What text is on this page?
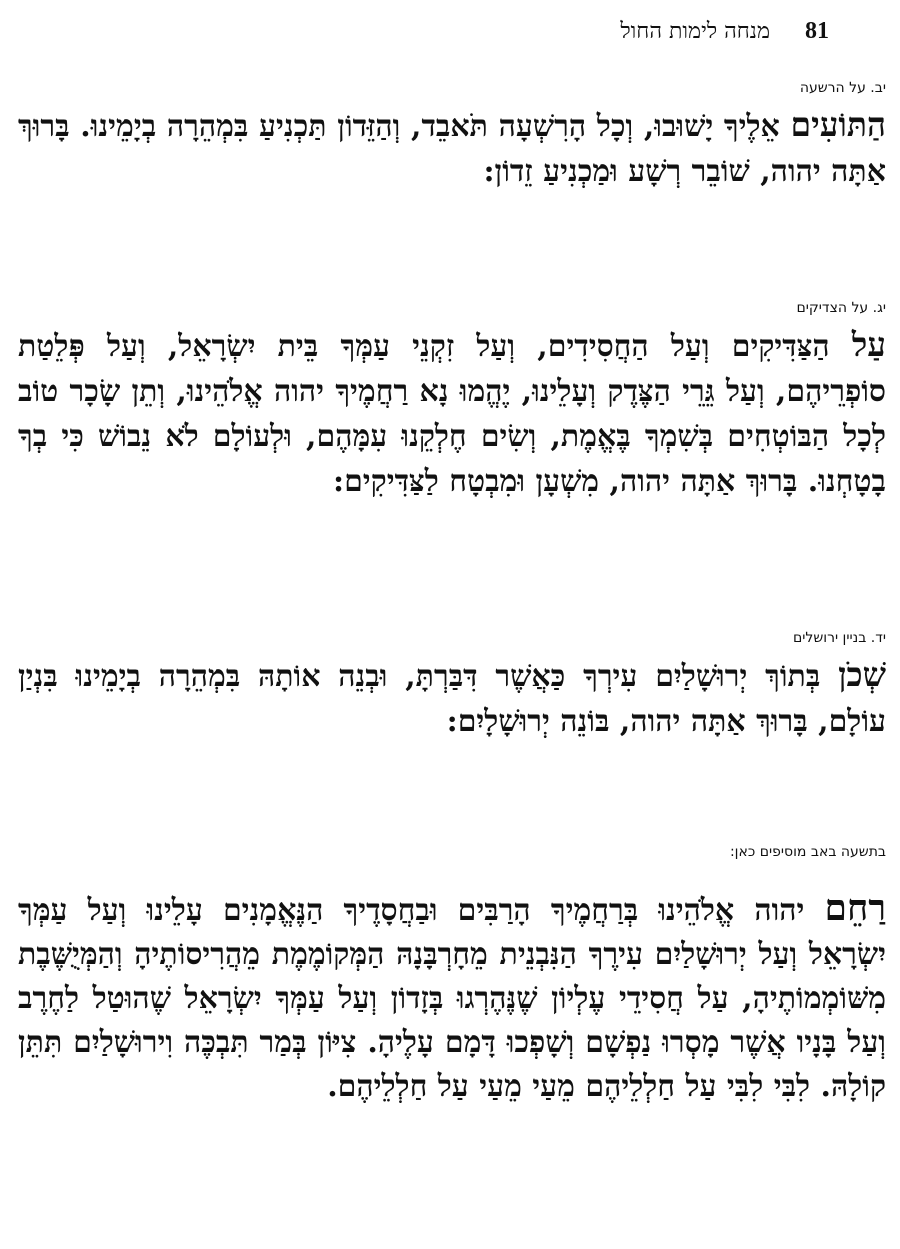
81
מנחה לימות החול
יב. על הרשעה

הַתּוֹעִים אֵלֶיךָ יָשׁוּבוּ, וְכָל הָרִשְׁעָה תֹּאבֵד, וְהַזֵּדוֹן תַּכְנִיעַ בִּמְהֵרָה בְיָמֵינוּ. בָּרוּךְ אַתָּה יהוה, שׁוֹבֵר רְשָׁע וּמַכְנִיעַ זֵדוֹן:

יג. על הצדיקים

עַל הַצַּדִּיקִים וְעַל הַחֲסִידִים, וְעַל זִקְנֵי עַמְּךָ בֵּית יִשְׂרָאֵל, וְעַל פְּלֵטַת סוֹפְרֵיהֶם, וְעַל גֵּרֵי הַצֶּדֶק וְעָלֵינוּ, יֶהֱמוּ נָא רַחֲמֶיךָ יהוה אֱלֹהֵינוּ, וְתֵן שָׂכָר טוֹב לְכָל הַבּוֹטְחִים בְּשִׁמְךָ בֶּאֱמֶת, וְשִׂים חֶלְקֵנוּ עִמָּהֶם, וּלְעוֹלָם לֹא נֵבוֹשׁ כִּי בְךָ בָטָחְנוּ. בָּרוּךְ אַתָּה יהוה, מִשְׁעָן וּמִבְטָח לַצַּדִּיקִים:

יד. בניין ירושלים

שְׁכֹן בְּתוֹךְ יְרוּשָׁלַיִם עִירְךָ כַּאֲשֶׁר דִּבַּרְתָּ, וּבְנֵה אוֹתָהּ בִּמְהֵרָה בְיָמֵינוּ בִּנְיַן עוֹלָם, בָּרוּךְ אַתָּה יהוה, בּוֹנֵה יְרוּשָׁלָיִם:

בתשעה באב מוסיפים כאן:

רַחֵם יהוה אֱלֹהֵינוּ בְּרַחֲמֶיךָ הָרַבִּים וּבַחֲסָדֶיךָ הַנֶּאֱמָנִים עָלֵינוּ וְעַל עַמְּךָ יִשְׂרָאֵל וְעַל יְרוּשָׁלַיִם עִירֶךָ הַנִּבְנֵית מֵחָרְבָּנָהּ הַמְּקוֹמֶמֶת מֵהֲרִיסוֹתֶיהָ וְהַמְּיֻשֶּׁבֶת מִשּׁוֹמְמוֹתֶיהָ, עַל חֲסִידֵי עֶלְיוֹן שֶׁנֶּהֶרְגוּ בְּזָדוֹן וְעַל עַמְּךָ יִשְׂרָאֵל שֶׁהוּטַל לַחֶרֶב וְעַל בָּנָיו אֲשֶׁר מָסְרוּ נַפְשָׁם וְשָׁפְכוּ דָּמָם עָלֶיהָ. צִיּוֹן בְּמַר תִּבְכֶּה וִירוּשָׁלַיִם תִּתֵּן קוֹלָהּ. לִבִּי לִבִּי עַל חַלְלֵיהֶם מֵעַי מֵעַי עַל חַלְלֵיהֶם.
